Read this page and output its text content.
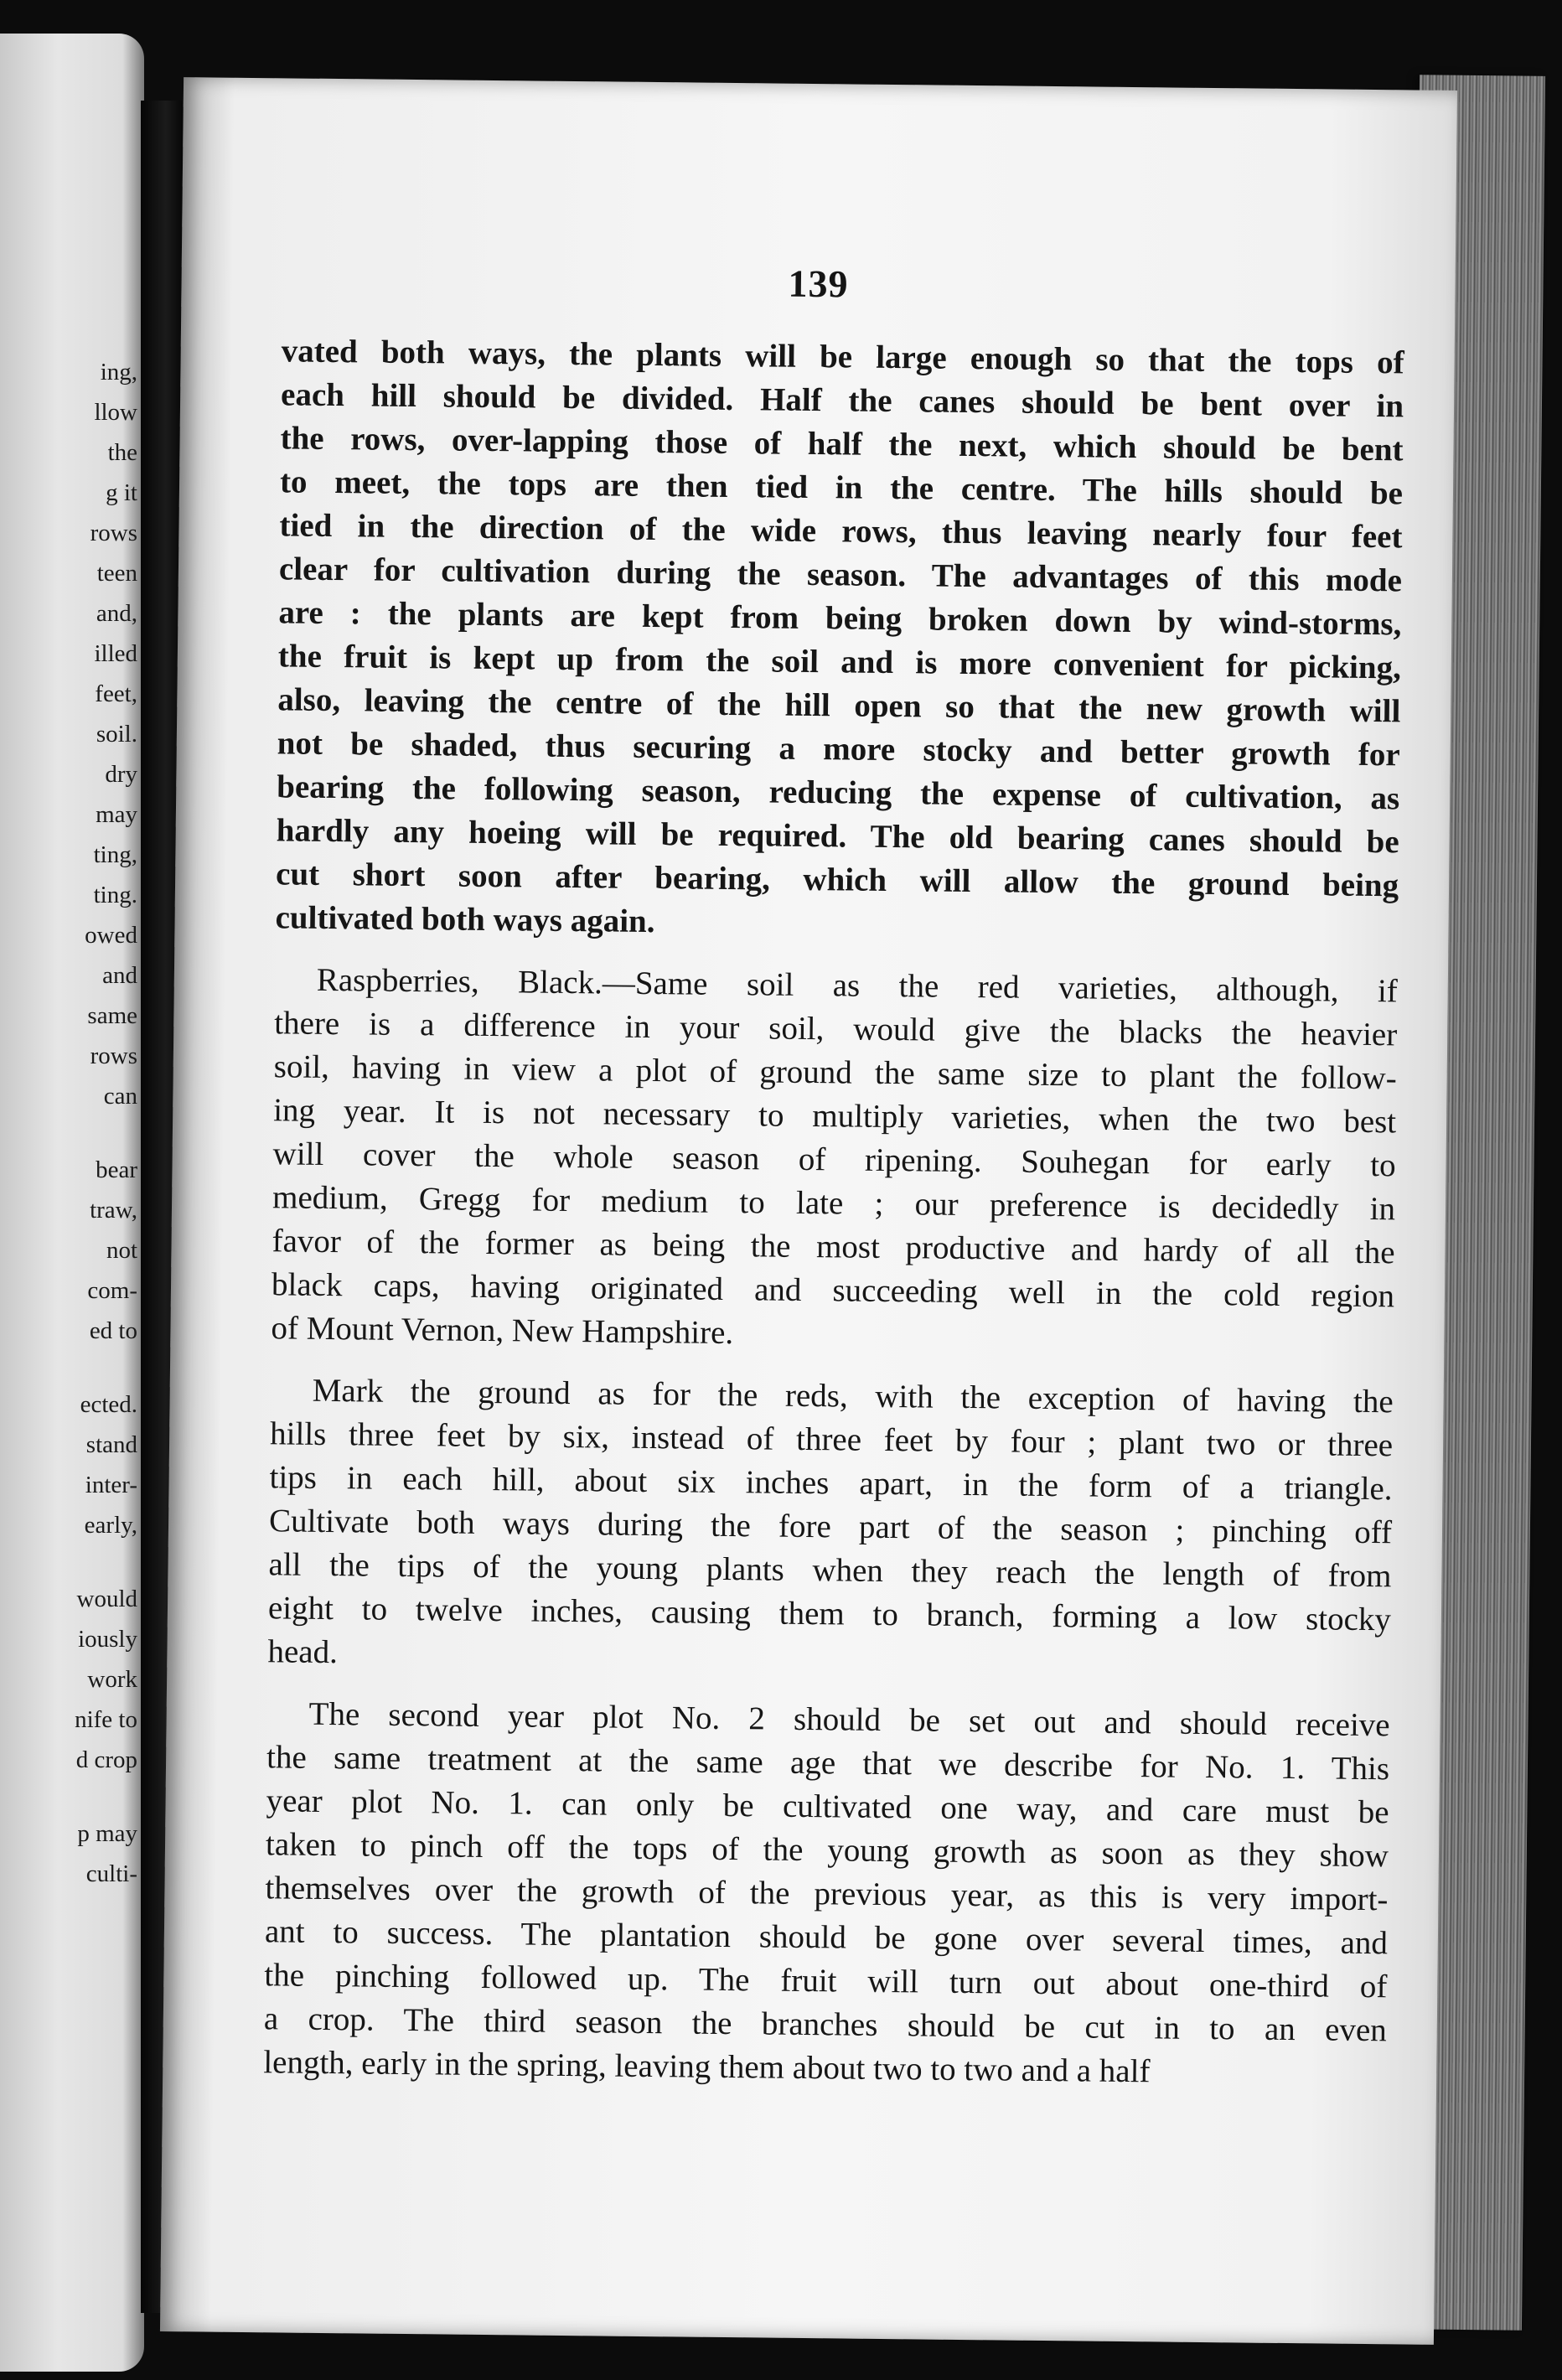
ing,
llow
the
g it
rows
teen
and,
illed
feet,
soil.
dry
may
ting,
ting.
owed
and
same
rows
can
bear
traw,
not
com-
ed to
ected.
stand
inter-
early,
would
iously
work
nife to
d crop
p may
culti-
139
vated both ways, the plants will be large enough so that the tops of
each hill should be divided. Half the canes should be bent over in
the rows, over-lapping those of half the next, which should be bent
to meet, the tops are then tied in the centre. The hills should be
tied in the direction of the wide rows, thus leaving nearly four feet
clear for cultivation during the season. The advantages of this mode
are : the plants are kept from being broken down by wind-storms,
the fruit is kept up from the soil and is more convenient for picking,
also, leaving the centre of the hill open so that the new growth will
not be shaded, thus securing a more stocky and better growth for
bearing the following season, reducing the expense of cultivation, as
hardly any hoeing will be required. The old bearing canes should be
cut short soon after bearing, which will allow the ground being
cultivated both ways again.
Raspberries, Black.—Same soil as the red varieties, although, if
there is a difference in your soil, would give the blacks the heavier
soil, having in view a plot of ground the same size to plant the follow-
ing year. It is not necessary to multiply varieties, when the two best
will cover the whole season of ripening. Souhegan for early to
medium, Gregg for medium to late ; our preference is decidedly in
favor of the former as being the most productive and hardy of all the
black caps, having originated and succeeding well in the cold region
of Mount Vernon, New Hampshire.
Mark the ground as for the reds, with the exception of having the
hills three feet by six, instead of three feet by four ; plant two or three
tips in each hill, about six inches apart, in the form of a triangle.
Cultivate both ways during the fore part of the season ; pinching off
all the tips of the young plants when they reach the length of from
eight to twelve inches, causing them to branch, forming a low stocky
head.
The second year plot No. 2 should be set out and should receive
the same treatment at the same age that we describe for No. 1. This
year plot No. 1. can only be cultivated one way, and care must be
taken to pinch off the tops of the young growth as soon as they show
themselves over the growth of the previous year, as this is very import-
ant to success. The plantation should be gone over several times, and
the pinching followed up. The fruit will turn out about one-third of
a crop. The third season the branches should be cut in to an even
length, early in the spring, leaving them about two to two and a half
